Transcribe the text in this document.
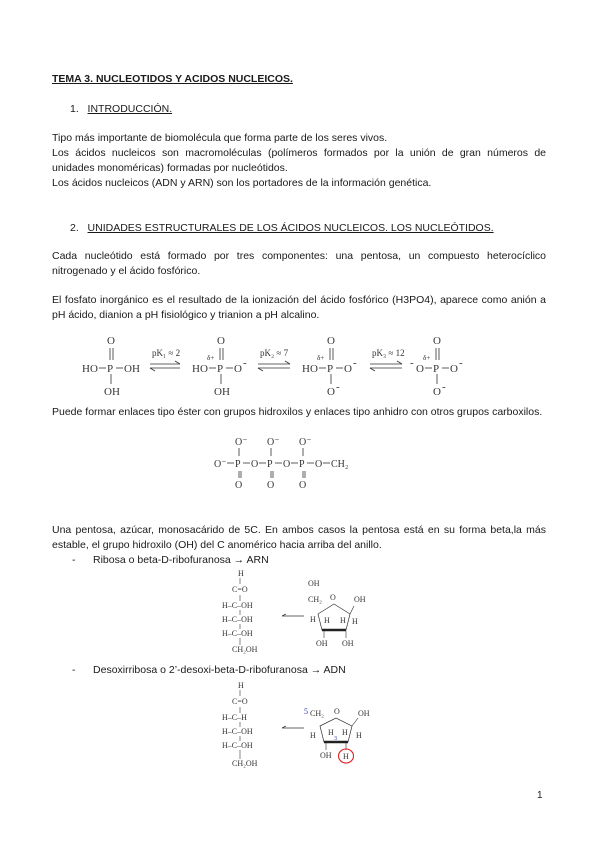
TEMA 3. NUCLEOTIDOS Y ACIDOS NUCLEICOS.
1. INTRODUCCIÓN.
Tipo más importante de biomolécula que forma parte de los seres vivos.
Los ácidos nucleicos son macromoléculas (polímeros formados por la unión de gran números de unidades monoméricas) formadas por nucleótidos.
Los ácidos nucleicos (ADN y ARN) son los portadores de la información genética.
2. UNIDADES ESTRUCTURALES DE LOS ÁCIDOS NUCLEICOS. LOS NUCLEÓTIDOS.
Cada nucleótido está formado por tres componentes: una pentosa, un compuesto heterocíclico nitrogenado y el ácido fosfórico.
El fosfato inorgánico es el resultado de la ionización del ácido fosfórico (H3PO4), aparece como anión a pH ácido, dianion a pH fisiológico y trianion a pH alcalino.
HO P OH
O
OH
pK₁ ≈ 2
HO P
δ+
O -
O
OH
pK₂ ≈ 7
HO P
δ+
O -
O
O -
pK₃ ≈ 12
- O P
δ+
O -
O
O -
Puede formar enlaces tipo éster con grupos hidroxilos y enlaces tipo anhidro con otros grupos carboxilos.
O⁻ P O P O P O CH₂
O⁻
O
O⁻
O
O⁻
O
Una pentosa, azúcar, monosacárido de 5C. En ambos casos la pentosa está en su forma beta,la más estable, el grupo hidroxilo (OH) del C anomérico hacia arriba del anillo.
- Ribosa o beta-D-ribofuranosa → ARN
H
C=O
H–C–OH
H–C–OH
H–C–OH
CH₂OH
OH
CH₂ O OH
H H H H
OH OH
- Desoxirribosa o 2’-desoxi-beta-D-ribofuranosa → ADN
H
C=O
H–C–H
H–C–OH
H–C–OH
CH₂OH
5 CH₂ O OH
H H H H
3
OH H
1
